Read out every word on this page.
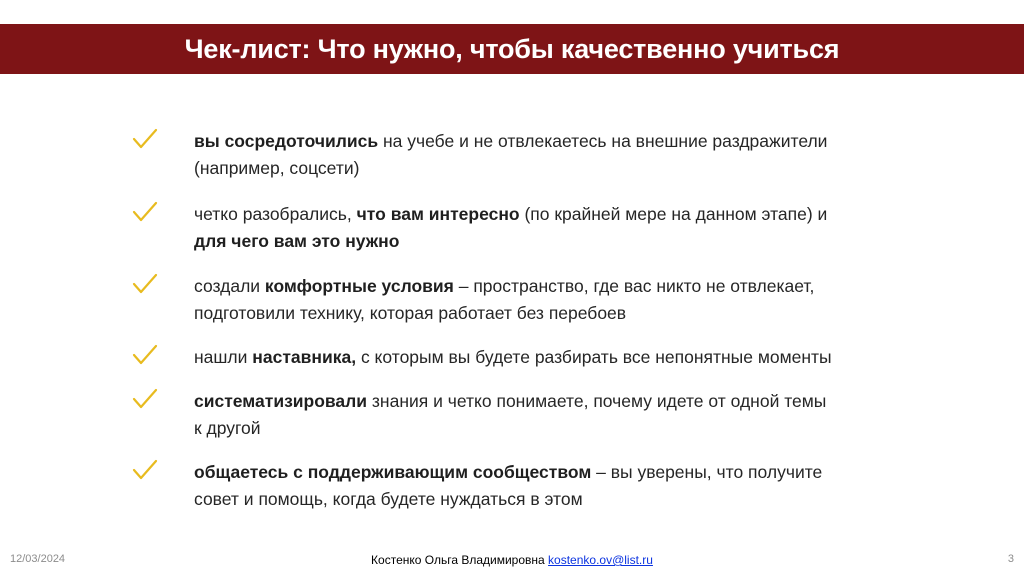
Чек-лист: Что нужно, чтобы качественно учиться
вы сосредоточились на учебе и не отвлекаетесь на внешние раздражители
(например, соцсети)
четко разобрались, что вам интересно (по крайней мере на данном этапе) и
для чего вам это нужно
создали комфортные условия – пространство, где вас никто не отвлекает,
подготовили технику, которая работает без перебоев
нашли наставника, с которым вы будете разбирать все непонятные моменты
систематизировали знания и четко понимаете, почему идете от одной темы
к другой
общаетесь с поддерживающим сообществом – вы уверены, что получите
совет и помощь, когда будете нуждаться в этом
12/03/2024	Костенко Ольга Владимировна kostenko.ov@list.ru	3
